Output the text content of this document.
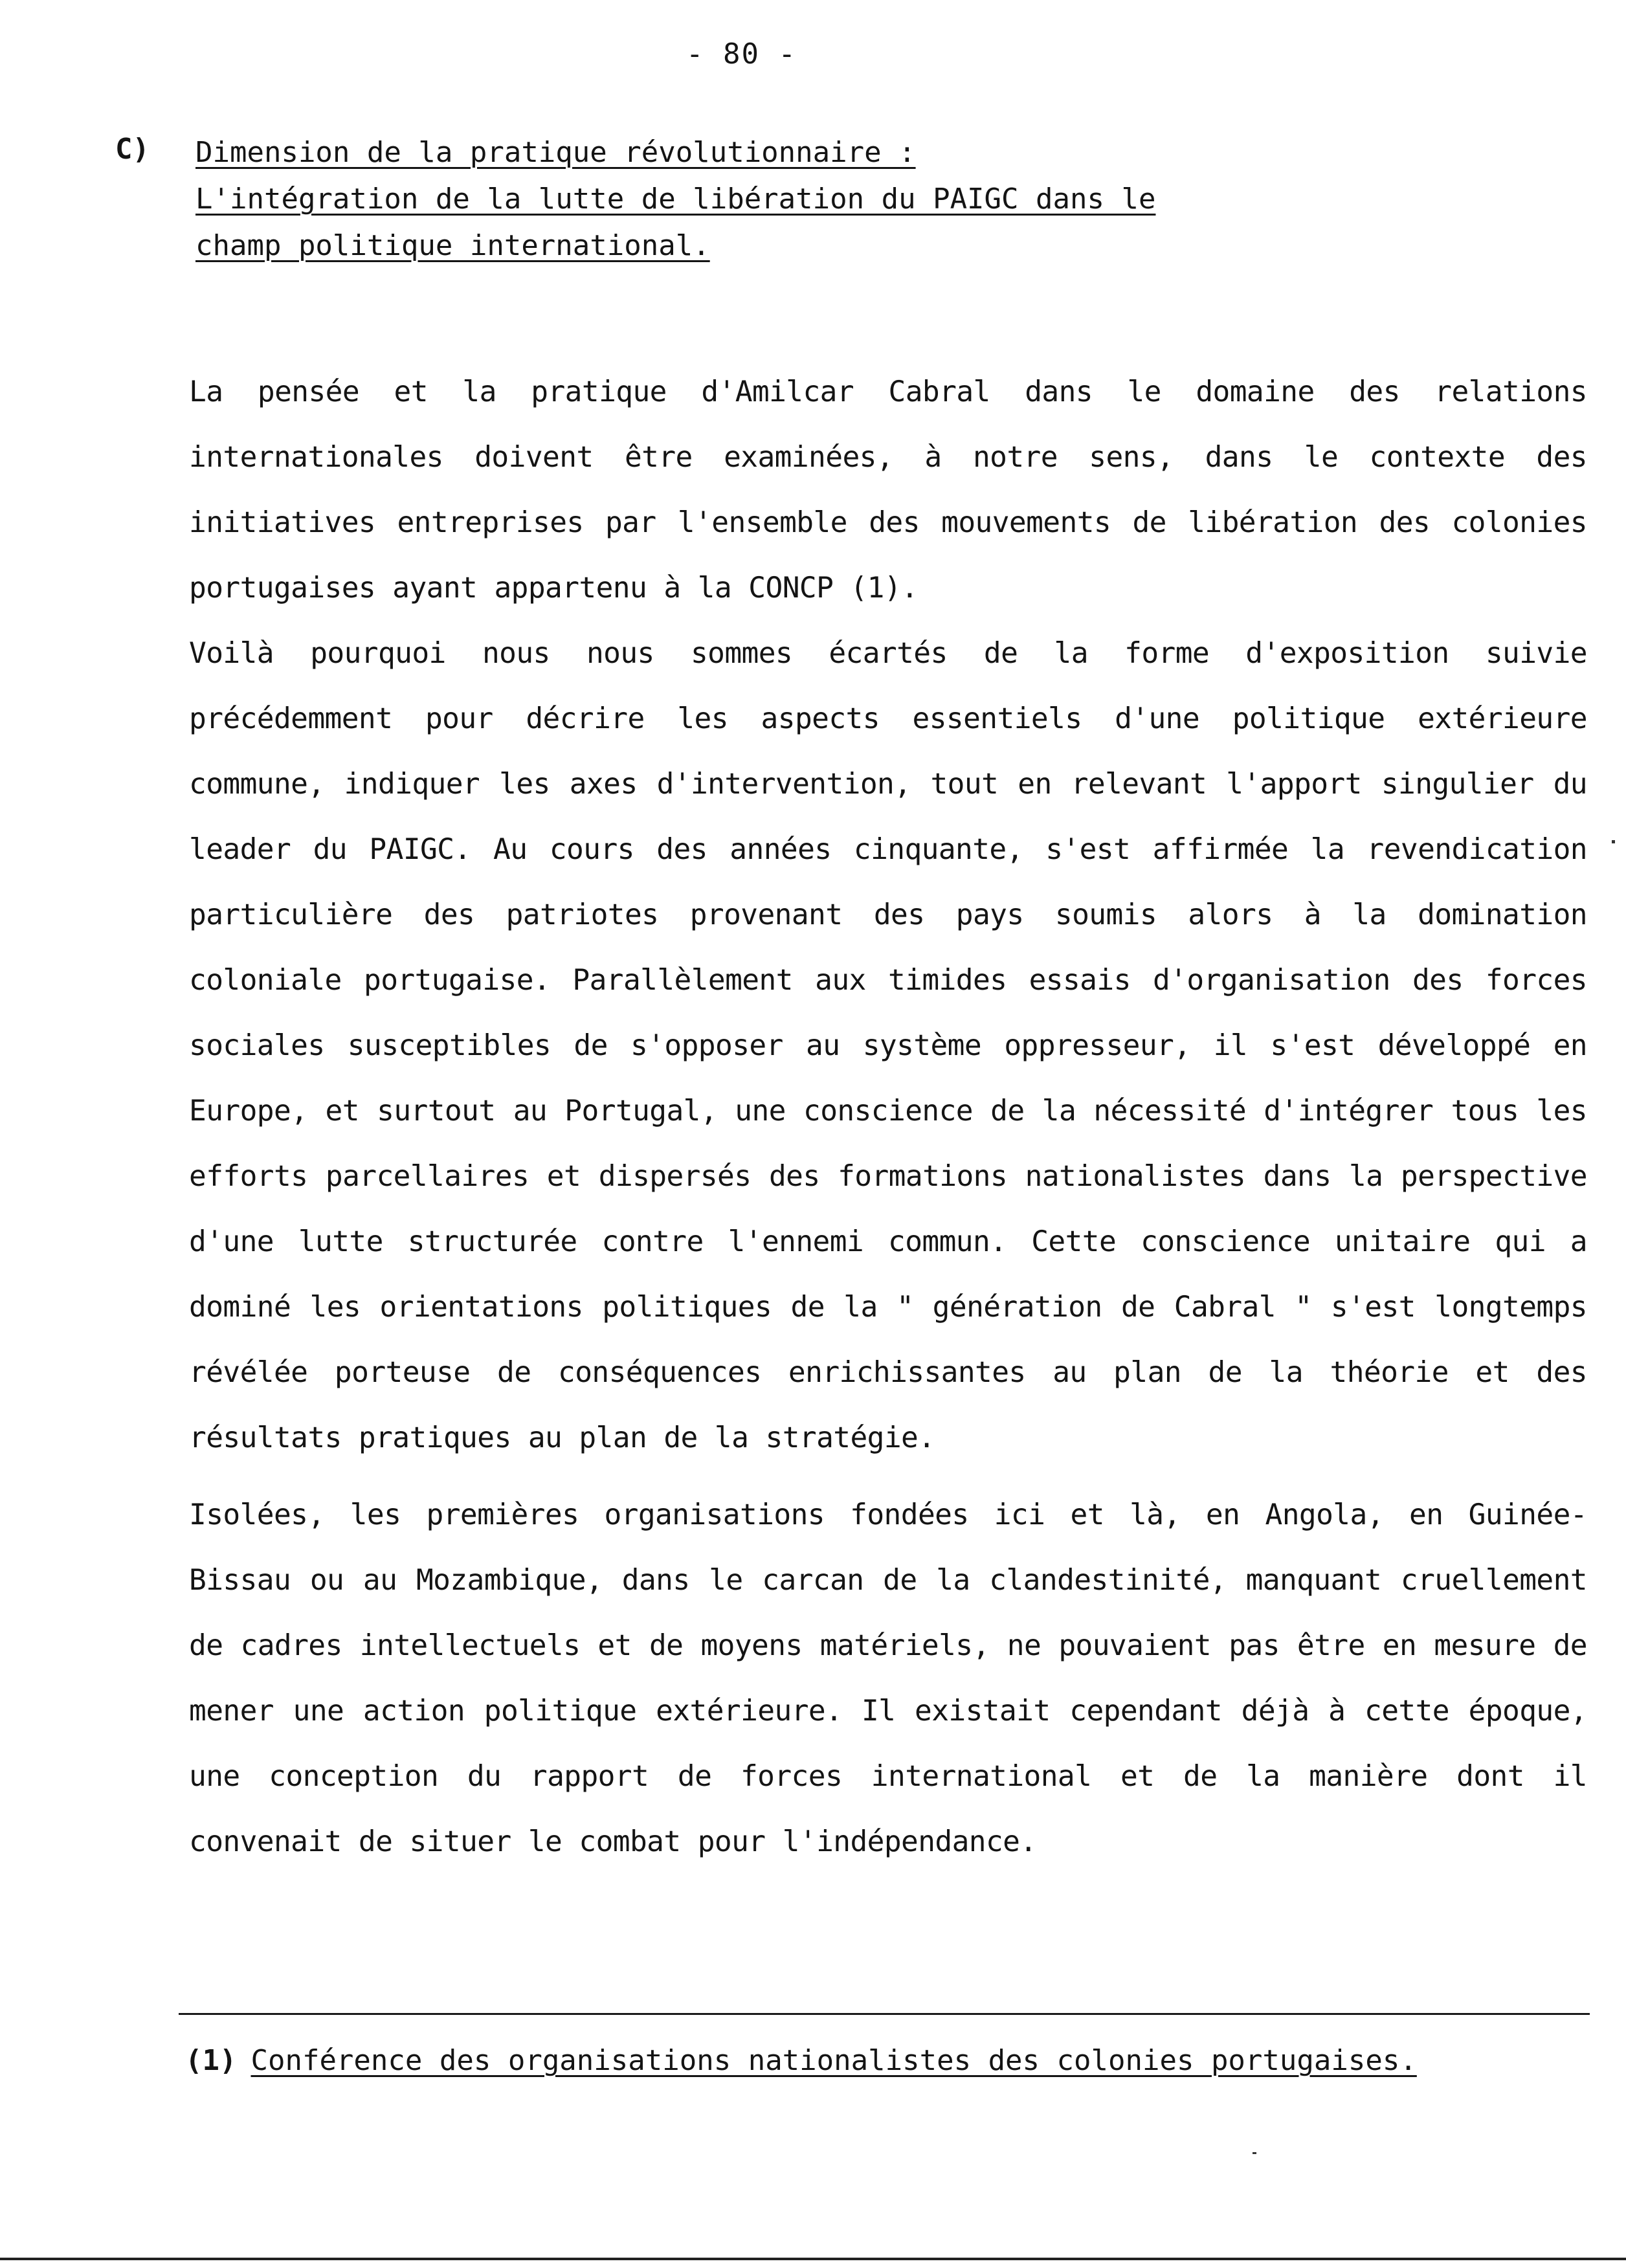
- 80 -
C) Dimension de la pratique révolutionnaire :
L'intégration de la lutte de libération du PAIGC dans le
champ politique international.

La pensée et la pratique d'Amilcar Cabral dans le domaine des relations internationales doivent être examinées, à notre sens, dans le contexte des initiatives entreprises par l'ensemble des mouvements de libération des colonies portugaises ayant appartenu à la CONCP (1).

Voilà pourquoi nous nous sommes écartés de la forme d'exposition suivie précédemment pour décrire les aspects essentiels d'une politique extérieure commune, indiquer les axes d'intervention, tout en relevant l'apport singulier du leader du PAIGC. Au cours des années cinquante, s'est affirmée la revendication particulière des patriotes provenant des pays soumis alors à la domination coloniale portugaise. Parallèlement aux timides essais d'organisation des forces sociales susceptibles de s'opposer au système oppresseur, il s'est développé en Europe, et surtout au Portugal, une conscience de la nécessité d'intégrer tous les efforts parcellaires et dispersés des formations nationalistes dans la perspective d'une lutte structurée contre l'ennemi commun. Cette conscience unitaire qui a dominé les orientations politiques de la " génération de Cabral " s'est longtemps révélée porteuse de conséquences enrichissantes au plan de la théorie et des résultats pratiques au plan de la stratégie.

Isolées, les premières organisations fondées ici et là, en Angola, en Guinée-Bissau ou au Mozambique, dans le carcan de la clandestinité, manquant cruellement de cadres intellectuels et de moyens matériels, ne pouvaient pas être en mesure de mener une action politique extérieure. Il existait cependant déjà à cette époque, une conception du rapport de forces international et de la manière dont il convenait de situer le combat pour l'indépendance.

(1) Conférence des organisations nationalistes des colonies portugaises.
